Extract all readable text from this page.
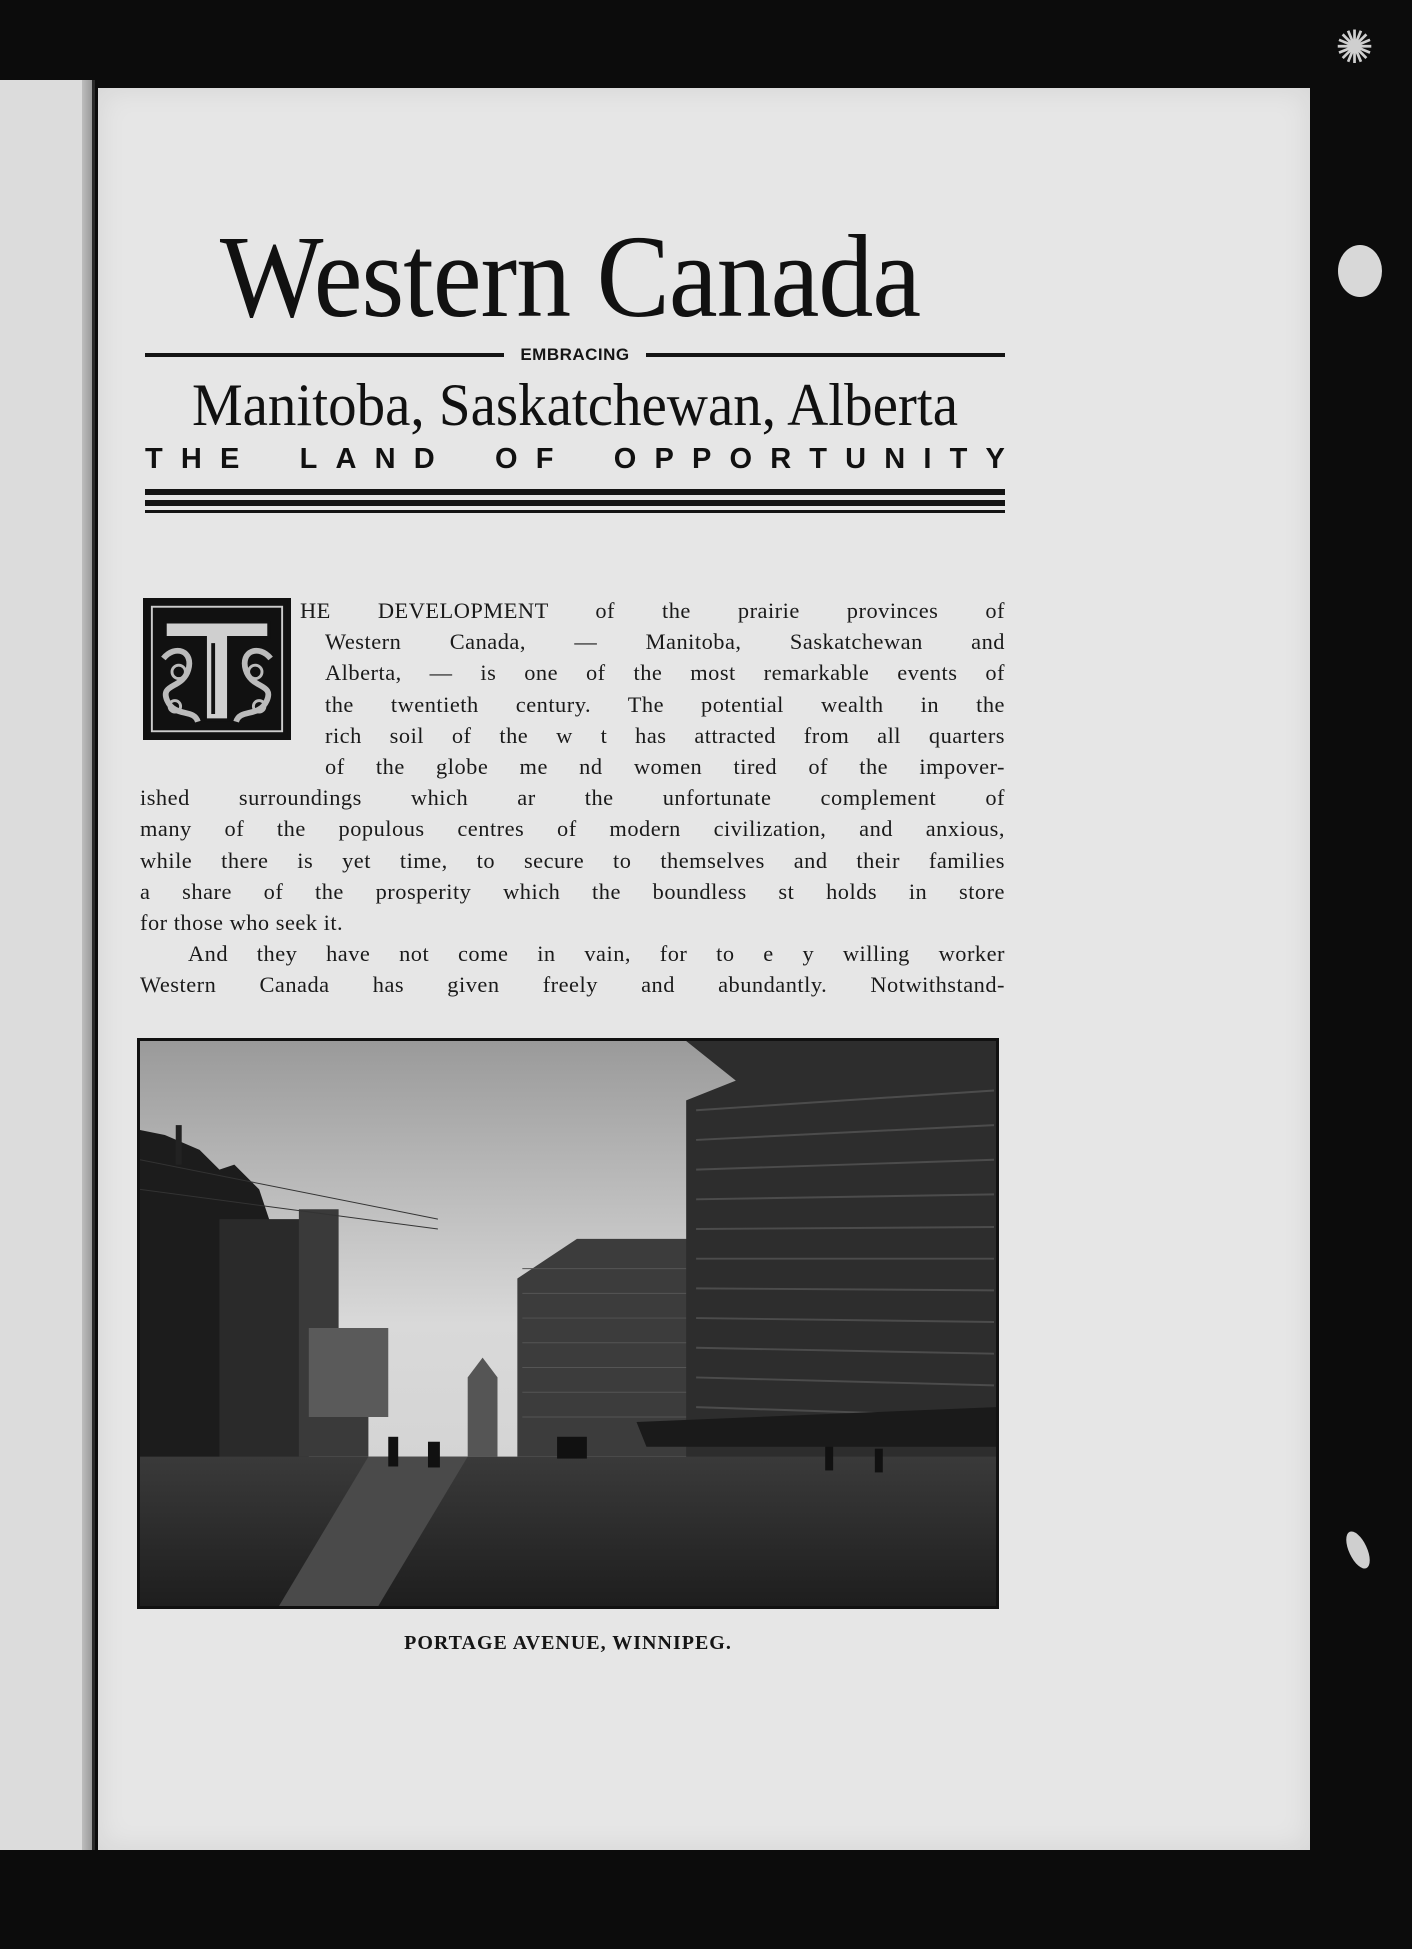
✺
Western Canada
EMBRACING
Manitoba, Saskatchewan, Alberta
T H E L A N D O F O P P O R T U N I T Y
HE DEVELOPMENT of the prairie provinces of
Western Canada, — Manitoba, Saskatchewan and
Alberta, — is one of the most remarkable events of
the twentieth century. The potential wealth in the
rich soil of the w t has attracted from all quarters
of the globe me nd women tired of the impover-
ished surroundings which ar the unfortunate complement of
many of the populous centres of modern civilization, and anxious,
while there is yet time, to secure to themselves and their families
a share of the prosperity which the boundless st holds in store
for those who seek it.
And they have not come in vain, for to e y willing worker
Western Canada has given freely and abundantly. Notwithstand-
PORTAGE AVENUE, WINNIPEG.
